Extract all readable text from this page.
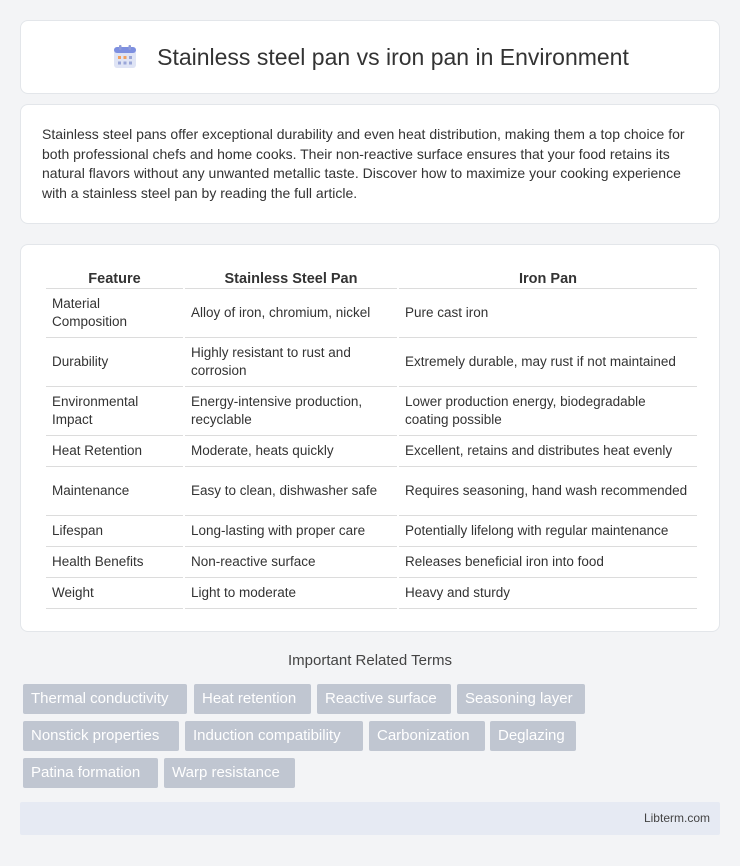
Stainless steel pan vs iron pan in Environment

Stainless steel pans offer exceptional durability and even heat distribution, making them a top choice for both professional chefs and home cooks. Their non-reactive surface ensures that your food retains its natural flavors without any unwanted metallic taste. Discover how to maximize your cooking experience with a stainless steel pan by reading the full article.

Feature	Stainless Steel Pan	Iron Pan
Material Composition	Alloy of iron, chromium, nickel	Pure cast iron
Durability	Highly resistant to rust and corrosion	Extremely durable, may rust if not maintained
Environmental Impact	Energy-intensive production, recyclable	Lower production energy, biodegradable coating possible
Heat Retention	Moderate, heats quickly	Excellent, retains and distributes heat evenly
Maintenance	Easy to clean, dishwasher safe	Requires seasoning, hand wash recommended
Lifespan	Long-lasting with proper care	Potentially lifelong with regular maintenance
Health Benefits	Non-reactive surface	Releases beneficial iron into food
Weight	Light to moderate	Heavy and sturdy
Important Related Terms
Thermal conductivity	Heat retention	Reactive surface	Seasoning layer
Nonstick properties	Induction compatibility	Carbonization	Deglazing
Patina formation	Warp resistance
Libterm.com
